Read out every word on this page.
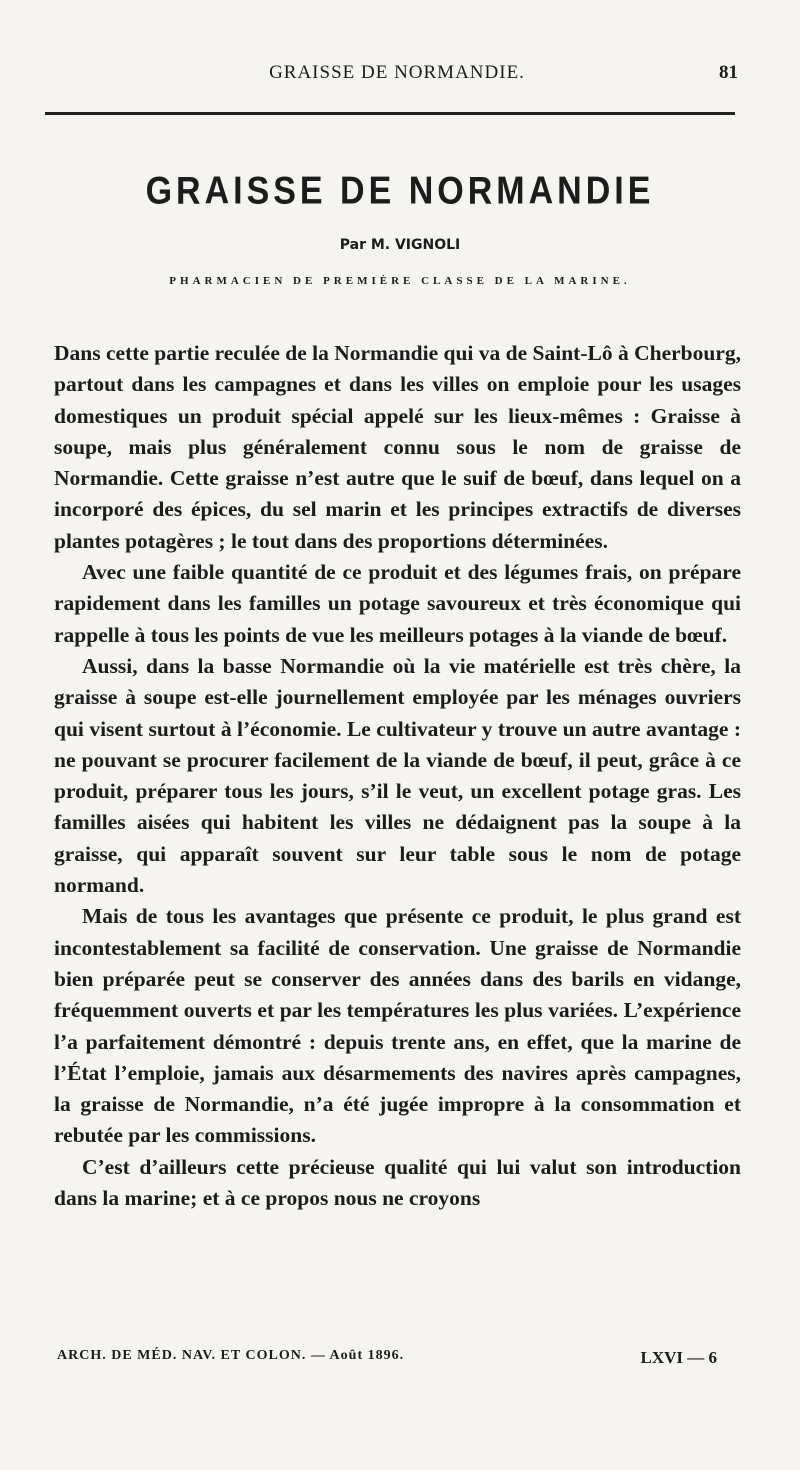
GRAISSE DE NORMANDIE.	81
GRAISSE DE NORMANDIE
Par M. VIGNOLI
PHARMACIEN DE PREMIÈRE CLASSE DE LA MARINE.

Dans cette partie reculée de la Normandie qui va de Saint-Lô à Cherbourg, partout dans les campagnes et dans les villes on emploie pour les usages domestiques un produit spécial appelé sur les lieux-mêmes : Graisse à soupe, mais plus généralement connu sous le nom de graisse de Normandie. Cette graisse n’est autre que le suif de bœuf, dans lequel on a incorporé des épices, du sel marin et les principes extractifs de diverses plantes potagères ; le tout dans des proportions déterminées.

Avec une faible quantité de ce produit et des légumes frais, on prépare rapidement dans les familles un potage savoureux et très économique qui rappelle à tous les points de vue les meilleurs potages à la viande de bœuf.

Aussi, dans la basse Normandie où la vie matérielle est très chère, la graisse à soupe est-elle journellement employée par les ménages ouvriers qui visent surtout à l’économie. Le cultivateur y trouve un autre avantage : ne pouvant se procurer facilement de la viande de bœuf, il peut, grâce à ce produit, préparer tous les jours, s’il le veut, un excellent potage gras. Les familles aisées qui habitent les villes ne dédaignent pas la soupe à la graisse, qui apparaît souvent sur leur table sous le nom de potage normand.

Mais de tous les avantages que présente ce produit, le plus grand est incontestablement sa facilité de conservation. Une graisse de Normandie bien préparée peut se conserver des années dans des barils en vidange, fréquemment ouverts et par les températures les plus variées. L’expérience l’a parfaitement démontré : depuis trente ans, en effet, que la marine de l’État l’emploie, jamais aux désarmements des navires après campagnes, la graisse de Normandie, n’a été jugée impropre à la consommation et rebutée par les commissions.

C’est d’ailleurs cette précieuse qualité qui lui valut son introduction dans la marine; et à ce propos nous ne croyons

ARCH. DE MÉD. NAV. ET COLON. — Août 1896.	LXVI — 6
